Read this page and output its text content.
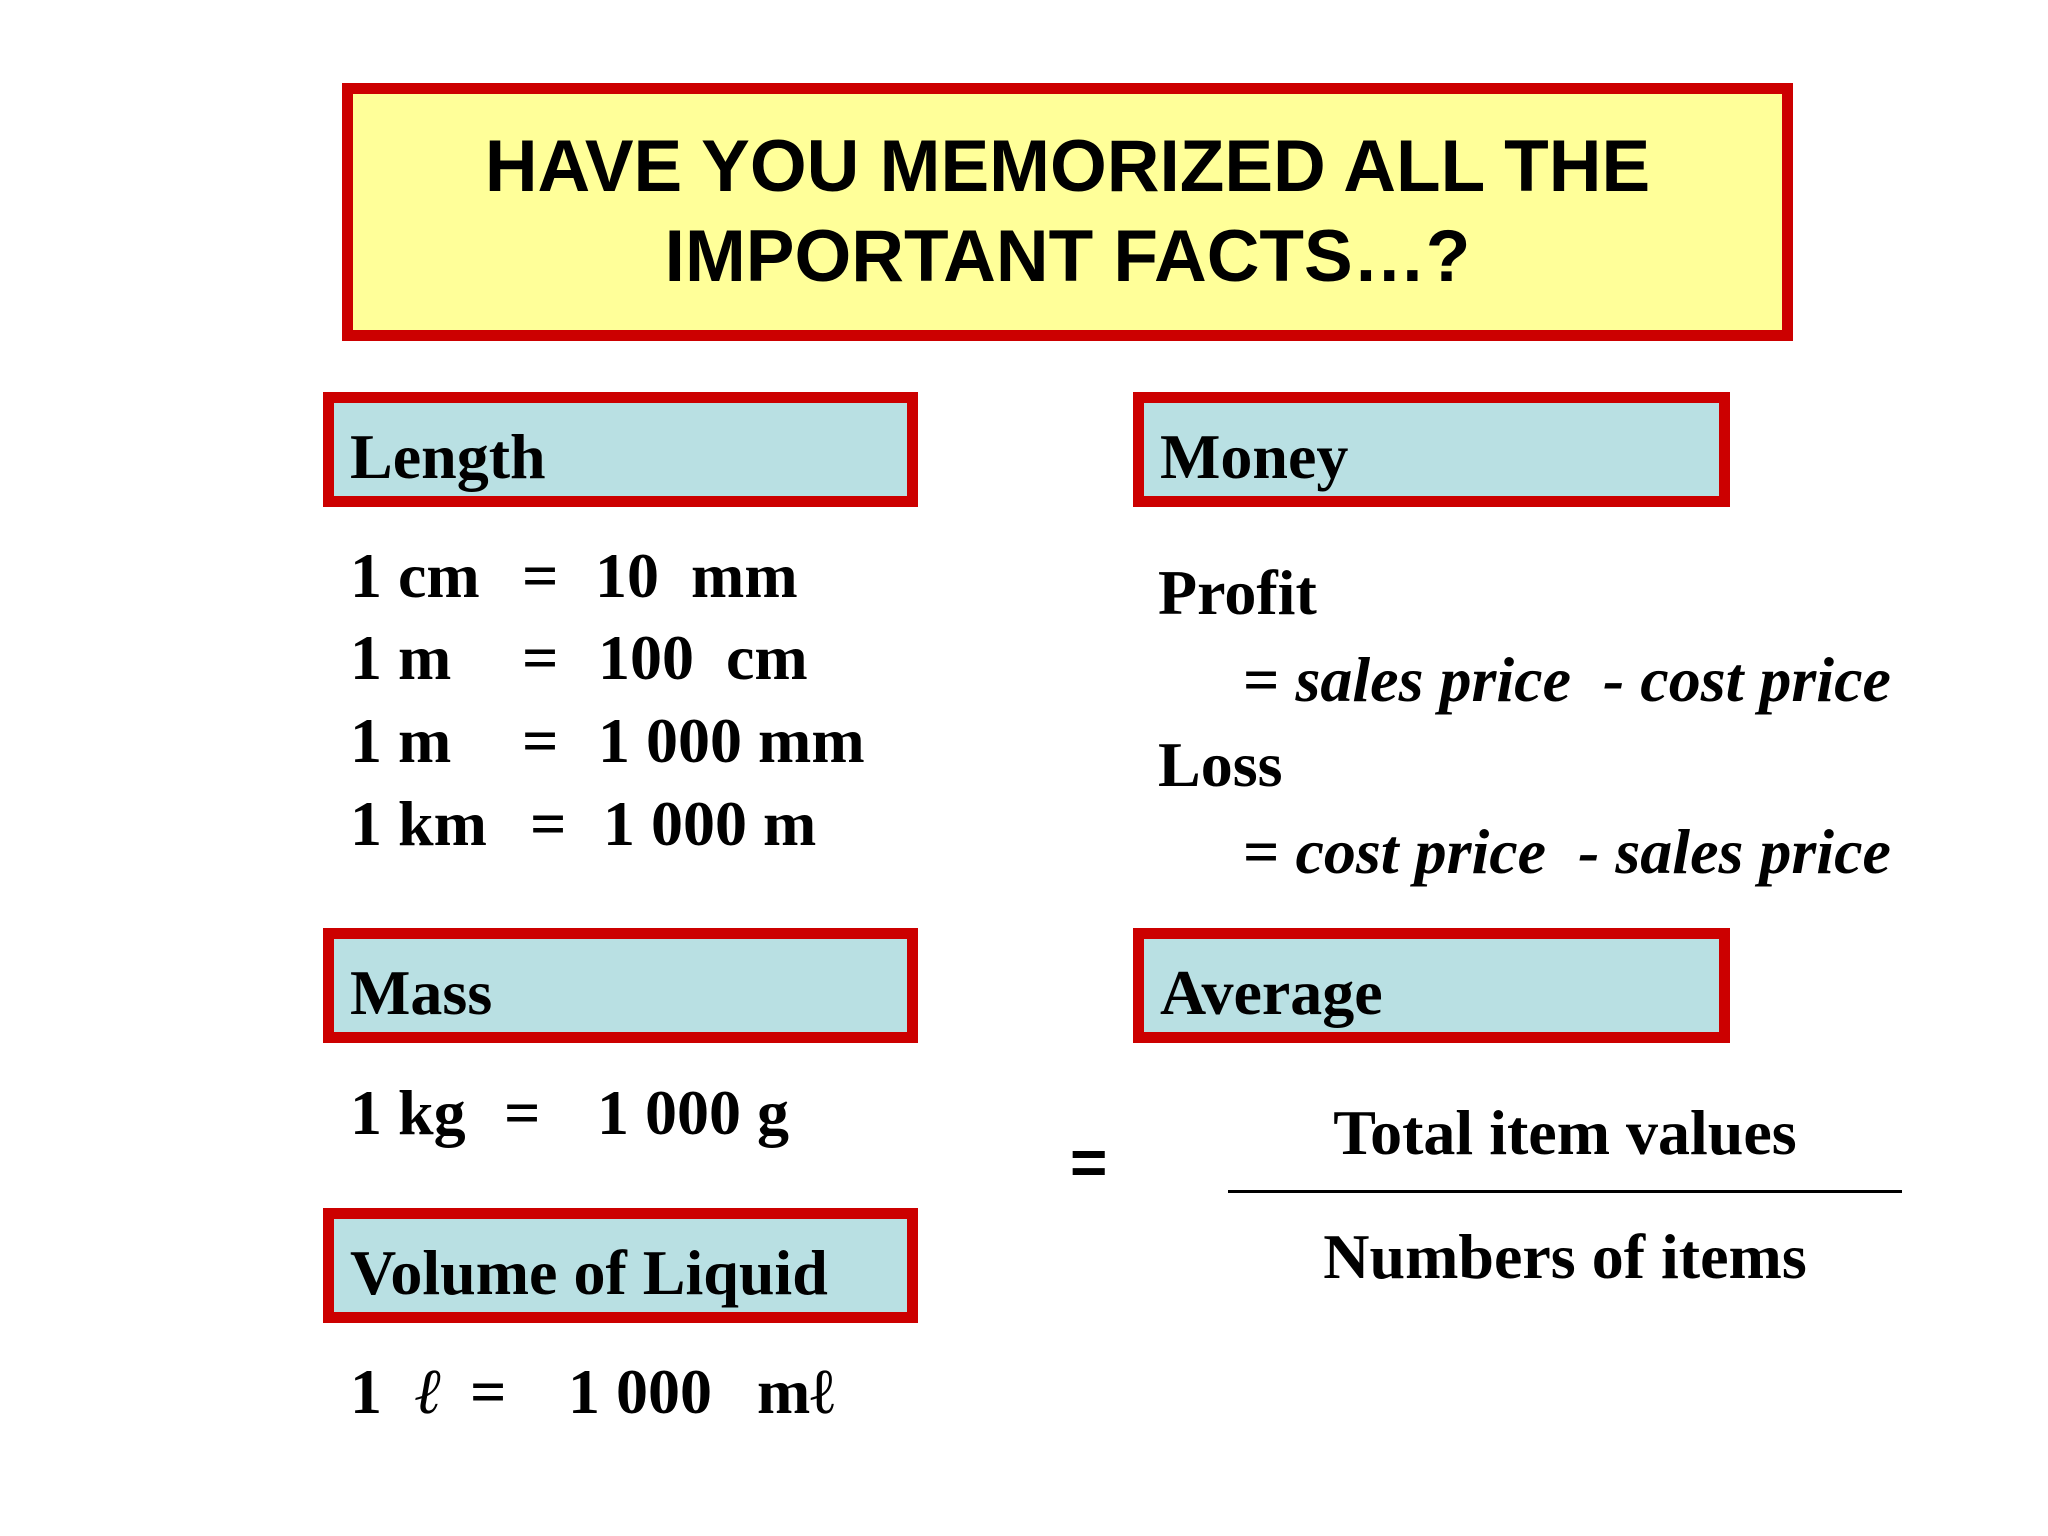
HAVE YOU MEMORIZED ALL THE
IMPORTANT FACTS…?
Length

1 cm

=

10  mm

1 m

=

100  cm

1 m

=

1 000 mm

1 km

=

1 000 m

Money
Profit
= sales price  - cost price
Loss
= cost price  - sales price
Mass

1 kg

=

1 000 g

Average
=	Total item values
Numbers of items
Volume of Liquid

1

ℓ

=

1 000

mℓ
